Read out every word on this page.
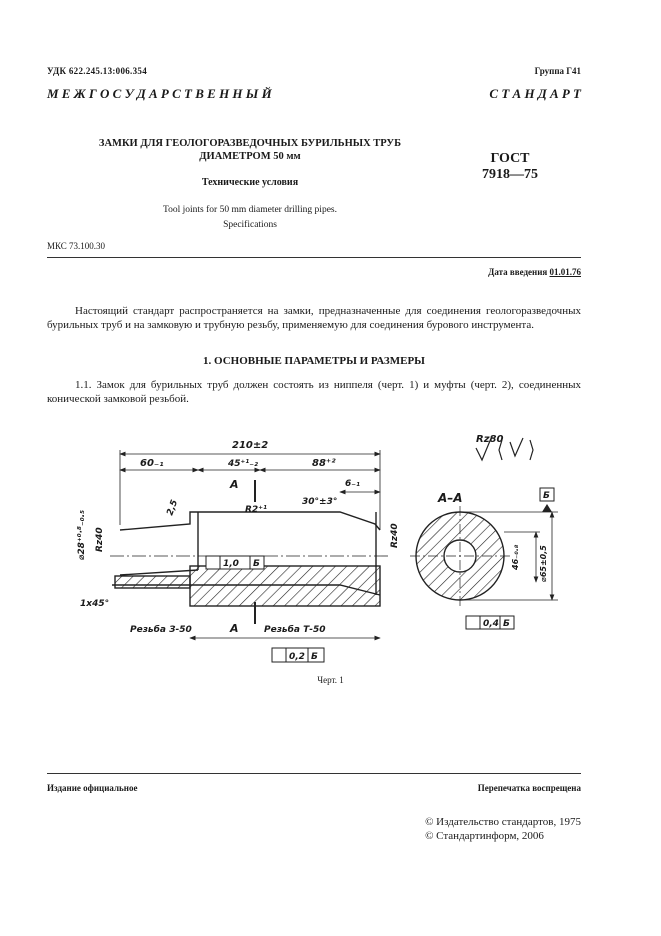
УДК 622.245.13:006.354	Группа Г41
М Е Ж Г О С У Д А Р С Т В Е Н Н Ы Й	С Т А Н Д А Р Т
ЗАМКИ ДЛЯ ГЕОЛОГОРАЗВЕДОЧНЫХ БУРИЛЬНЫХ ТРУБ
ДИАМЕТРОМ 50 мм
Технические условия
ГОСТ
7918—75
Tool joints for 50 mm diameter drilling pipes.
Specifications
МКС 73.100.30
Дата введения 01.01.76
Настоящий стандарт распространяется на замки, предназначенные для соединения геологоразведочных бурильных труб и на замковую и трубную резьбу, применяемую для соединения бурового инструмента.
1. ОСНОВНЫЕ ПАРАМЕТРЫ И РАЗМЕРЫ
1.1. Замок для бурильных труб должен состоять из ниппеля (черт. 1) и муфты (черт. 2), соединенных конической замковой резьбой.
210±2
60₋₁	45⁺¹₋₂	88⁺²
6₋₁
30°±3°
R2⁺¹
2,5
А
А
⌀28⁺⁰·⁸₋₀.₅ Rz40	Rz40
1x45°
Резьба З-50	Резьба Т-50
1,0 Б
0,2 Б
Rz80
А–А
46₋₀.₈ ⌀65±0,5
Б
0,4 Б
Черт. 1
Издание официальное	Перепечатка воспрещена
© Издательство стандартов, 1975
© Стандартинформ, 2006
